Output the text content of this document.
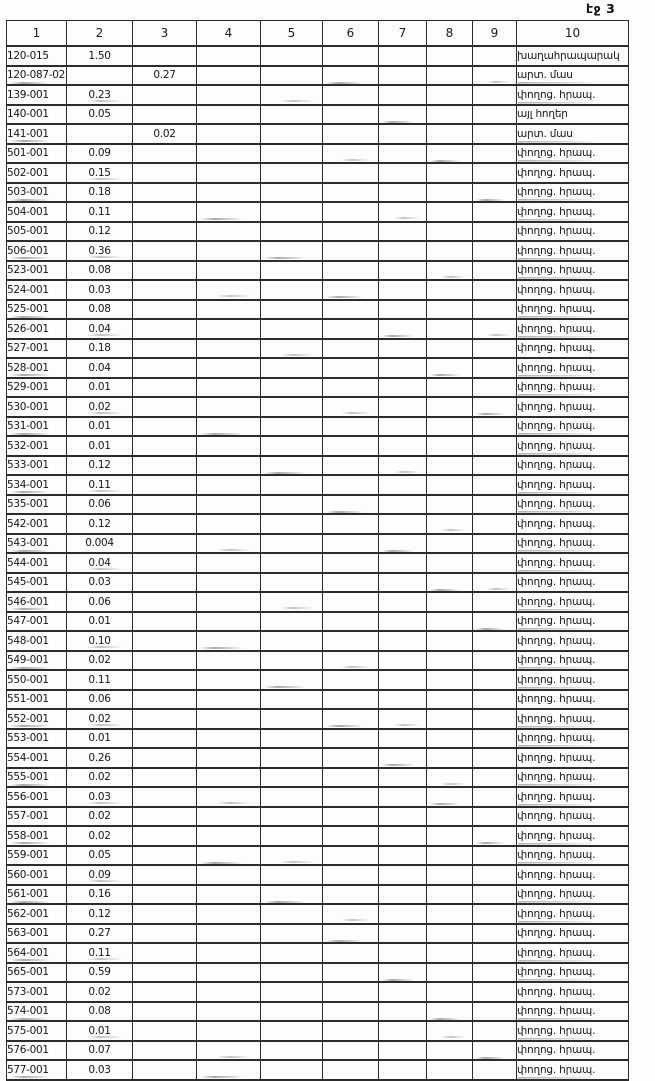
էջ 3
1	2	3	4	5	6	7	8	9	10	
120-015	1.50								խաղահրապարակ	
120-087-02		0.27							արտ. մաս	
139-001	0.23								փողոց. հրապ.	
140-001	0.05								այլ հողեր	
141-001		0.02							արտ. մաս	
501-001	0.09								փողոց. հրապ.	
502-001	0.15								փողոց. հրապ.	
503-001	0.18								փողոց. հրապ.	
504-001	0.11								փողոց. հրապ.	
505-001	0.12								փողոց. հրապ.	
506-001	0.36								փողոց. հրապ.	
523-001	0.08								փողոց. հրապ.	
524-001	0.03								փողոց. հրապ.	
525-001	0.08								փողոց. հրապ.	
526-001	0.04								փողոց. հրապ.	
527-001	0.18								փողոց. հրապ.	
528-001	0.04								փողոց. հրապ.	
529-001	0.01								փողոց. հրապ.	
530-001	0.02								փողոց. հրապ.	
531-001	0.01								փողոց. հրապ.	
532-001	0.01								փողոց. հրապ.	
533-001	0.12								փողոց. հրապ.	
534-001	0.11								փողոց. հրապ.	
535-001	0.06								փողոց. հրապ.	
542-001	0.12								փողոց. հրապ.	
543-001	0.004								փողոց. հրապ.	
544-001	0.04								փողոց. հրապ.	
545-001	0.03								փողոց. հրապ.	
546-001	0.06								փողոց. հրապ.	
547-001	0.01								փողոց. հրապ.	
548-001	0.10								փողոց. հրապ.	
549-001	0.02								փողոց. հրապ.	
550-001	0.11								փողոց. հրապ.	
551-001	0.06								փողոց. հրապ.	
552-001	0.02								փողոց. հրապ.	
553-001	0.01								փողոց. հրապ.	
554-001	0.26								փողոց. հրապ.	
555-001	0.02								փողոց. հրապ.	
556-001	0.03								փողոց. հրապ.	
557-001	0.02								փողոց. հրապ.	
558-001	0.02								փողոց. հրապ.	
559-001	0.05								փողոց. հրապ.	
560-001	0.09								փողոց. հրապ.	
561-001	0.16								փողոց. հրապ.	
562-001	0.12								փողոց. հրապ.	
563-001	0.27								փողոց. հրապ.	
564-001	0.11								փողոց. հրապ.	
565-001	0.59								փողոց. հրապ.	
573-001	0.02								փողոց. հրապ.	
574-001	0.08								փողոց. հրապ.	
575-001	0.01								փողոց. հրապ.	
576-001	0.07								փողոց. հրապ.	
577-001	0.03								փողոց. հրապ.	
